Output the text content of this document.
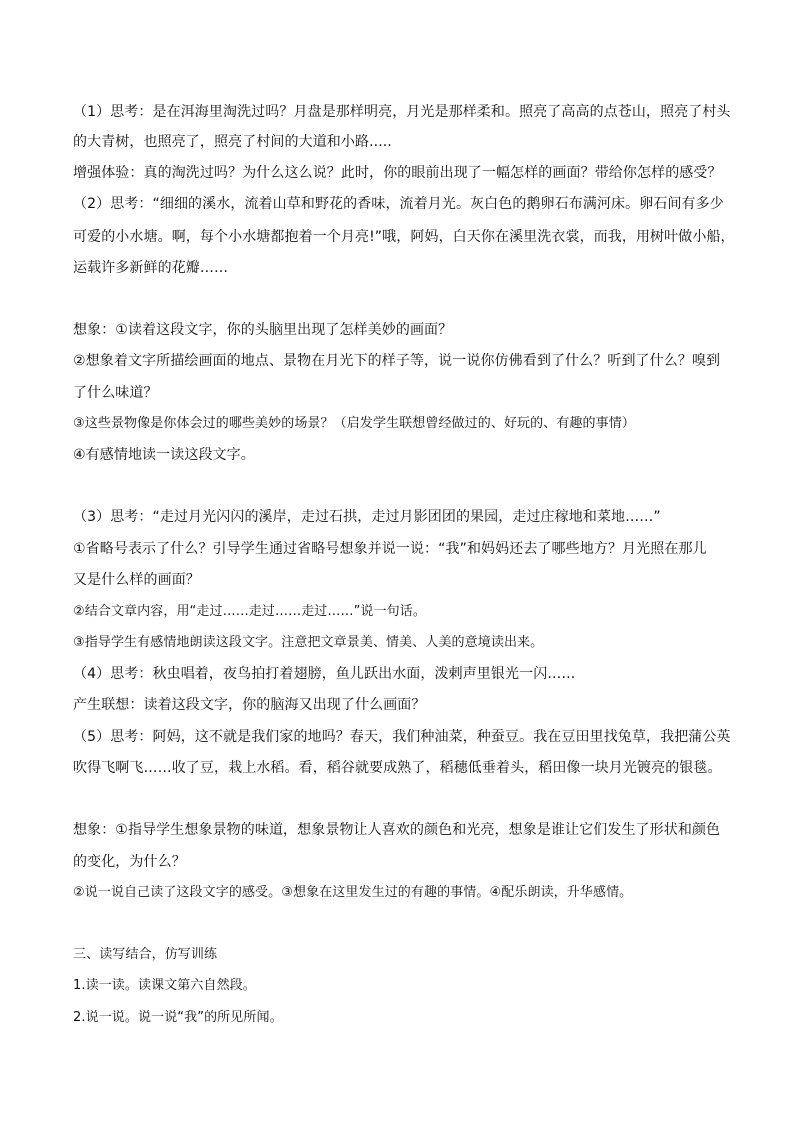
（1）思考：是在洱海里淘洗过吗？月盘是那样明亮，月光是那样柔和。照亮了高高的点苍山，照亮了村头
的大青树，也照亮了，照亮了村间的大道和小路.....
增强体验：真的淘洗过吗？为什么这么说？此时，你的眼前出现了一幅怎样的画面？带给你怎样的感受？
（2）思考：“细细的溪水，流着山草和野花的香味，流着月光。灰白色的鹅卵石布满河床。卵石间有多少
可爱的小水塘。啊，每个小水塘都抱着一个月亮!”哦，阿妈，白天你在溪里洗衣裳，而我，用树叶做小船，
运载许多新鲜的花瓣……
想象：①读着这段文字，你的头脑里出现了怎样美妙的画面？
②想象着文字所描绘画面的地点、景物在月光下的样子等，说一说你仿佛看到了什么？听到了什么？嗅到
了什么味道？
③这些景物像是你体会过的哪些美妙的场景？（启发学生联想曾经做过的、好玩的、有趣的事情）
④有感情地读一读这段文字。
（3）思考：“走过月光闪闪的溪岸，走过石拱，走过月影团团的果园，走过庄稼地和菜地……”
①省略号表示了什么？引导学生通过省略号想象并说一说：“我”和妈妈还去了哪些地方？月光照在那儿
又是什么样的画面？
②结合文章内容，用“走过……走过……走过……”说一句话。
③指导学生有感情地朗读这段文字。注意把文章景美、情美、人美的意境读出来。
（4）思考：秋虫唱着，夜鸟拍打着翅膀，鱼儿跃出水面，泼剌声里银光一闪……
产生联想：读着这段文字，你的脑海又出现了什么画面？
（5）思考：阿妈，这不就是我们家的地吗？春天，我们种油菜，种蚕豆。我在豆田里找兔草，我把蒲公英
吹得飞啊飞……收了豆，栽上水稻。看，稻谷就要成熟了，稻穗低垂着头，稻田像一块月光镀亮的银毯。
想象：①指导学生想象景物的味道，想象景物让人喜欢的颜色和光亮，想象是谁让它们发生了形状和颜色
的变化，为什么？
②说一说自己读了这段文字的感受。③想象在这里发生过的有趣的事情。④配乐朗读，升华感情。
三、读写结合，仿写训练
1.读一读。读课文第六自然段。
2.说一说。说一说“我”的所见所闻。
